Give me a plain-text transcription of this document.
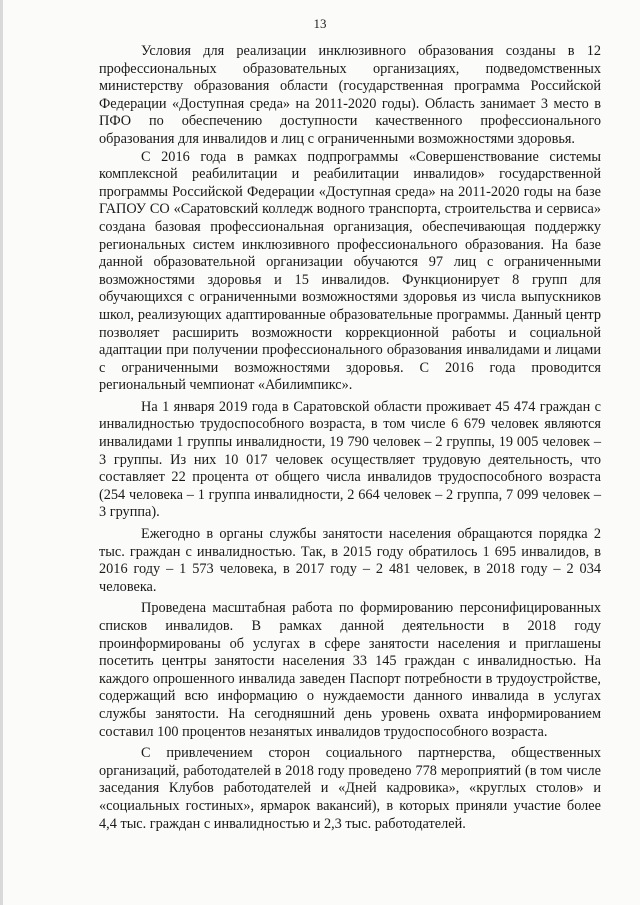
13

Условия для реализации инклюзивного образования созданы в 12 профессиональных образовательных организациях, подведомственных министерству образования области (государственная программа Российской Федерации «Доступная среда» на 2011-2020 годы). Область занимает 3 место в ПФО по обеспечению доступности качественного профессионального образования для инвалидов и лиц с ограниченными возможностями здоровья.

С 2016 года в рамках подпрограммы «Совершенствование системы комплексной реабилитации и реабилитации инвалидов» государственной программы Российской Федерации «Доступная среда» на 2011-2020 годы на базе ГАПОУ СО «Саратовский колледж водного транспорта, строительства и сервиса» создана базовая профессиональная организация, обеспечивающая поддержку региональных систем инклюзивного профессионального образования. На базе данной образовательной организации обучаются 97 лиц с ограниченными возможностями здоровья и 15 инвалидов. Функционирует 8 групп для обучающихся с ограниченными возможностями здоровья из числа выпускников школ, реализующих адаптированные образовательные программы. Данный центр позволяет расширить возможности коррекционной работы и социальной адаптации при получении профессионального образования инвалидами и лицами с ограниченными возможностями здоровья. С 2016 года проводится региональный чемпионат «Абилимпикс».

На 1 января 2019 года в Саратовской области проживает 45 474 граждан с инвалидностью трудоспособного возраста, в том числе 6 679 человек являются инвалидами 1 группы инвалидности, 19 790 человек – 2 группы, 19 005 человек – 3 группы. Из них 10 017 человек осуществляет трудовую деятельность, что составляет 22 процента от общего числа инвалидов трудоспособного возраста (254 человека – 1 группа инвалидности, 2 664 человек – 2 группа, 7 099 человек – 3 группа).

Ежегодно в органы службы занятости населения обращаются порядка 2 тыс. граждан с инвалидностью. Так, в 2015 году обратилось 1 695 инвалидов, в 2016 году – 1 573 человека, в 2017 году – 2 481 человек, в 2018 году – 2 034 человека.

Проведена масштабная работа по формированию персонифицированных списков инвалидов. В рамках данной деятельности в 2018 году проинформированы об услугах в сфере занятости населения и приглашены посетить центры занятости населения 33 145 граждан с инвалидностью. На каждого опрошенного инвалида заведен Паспорт потребности в трудоустройстве, содержащий всю информацию о нуждаемости данного инвалида в услугах службы занятости. На сегодняшний день уровень охвата информированием составил 100 процентов незанятых инвалидов трудоспособного возраста.

С привлечением сторон социального партнерства, общественных организаций, работодателей в 2018 году проведено 778 мероприятий (в том числе заседания Клубов работодателей и «Дней кадровика», «круглых столов» и «социальных гостиных», ярмарок вакансий), в которых приняли участие более 4,4 тыс. граждан с инвалидностью и 2,3 тыс. работодателей.
